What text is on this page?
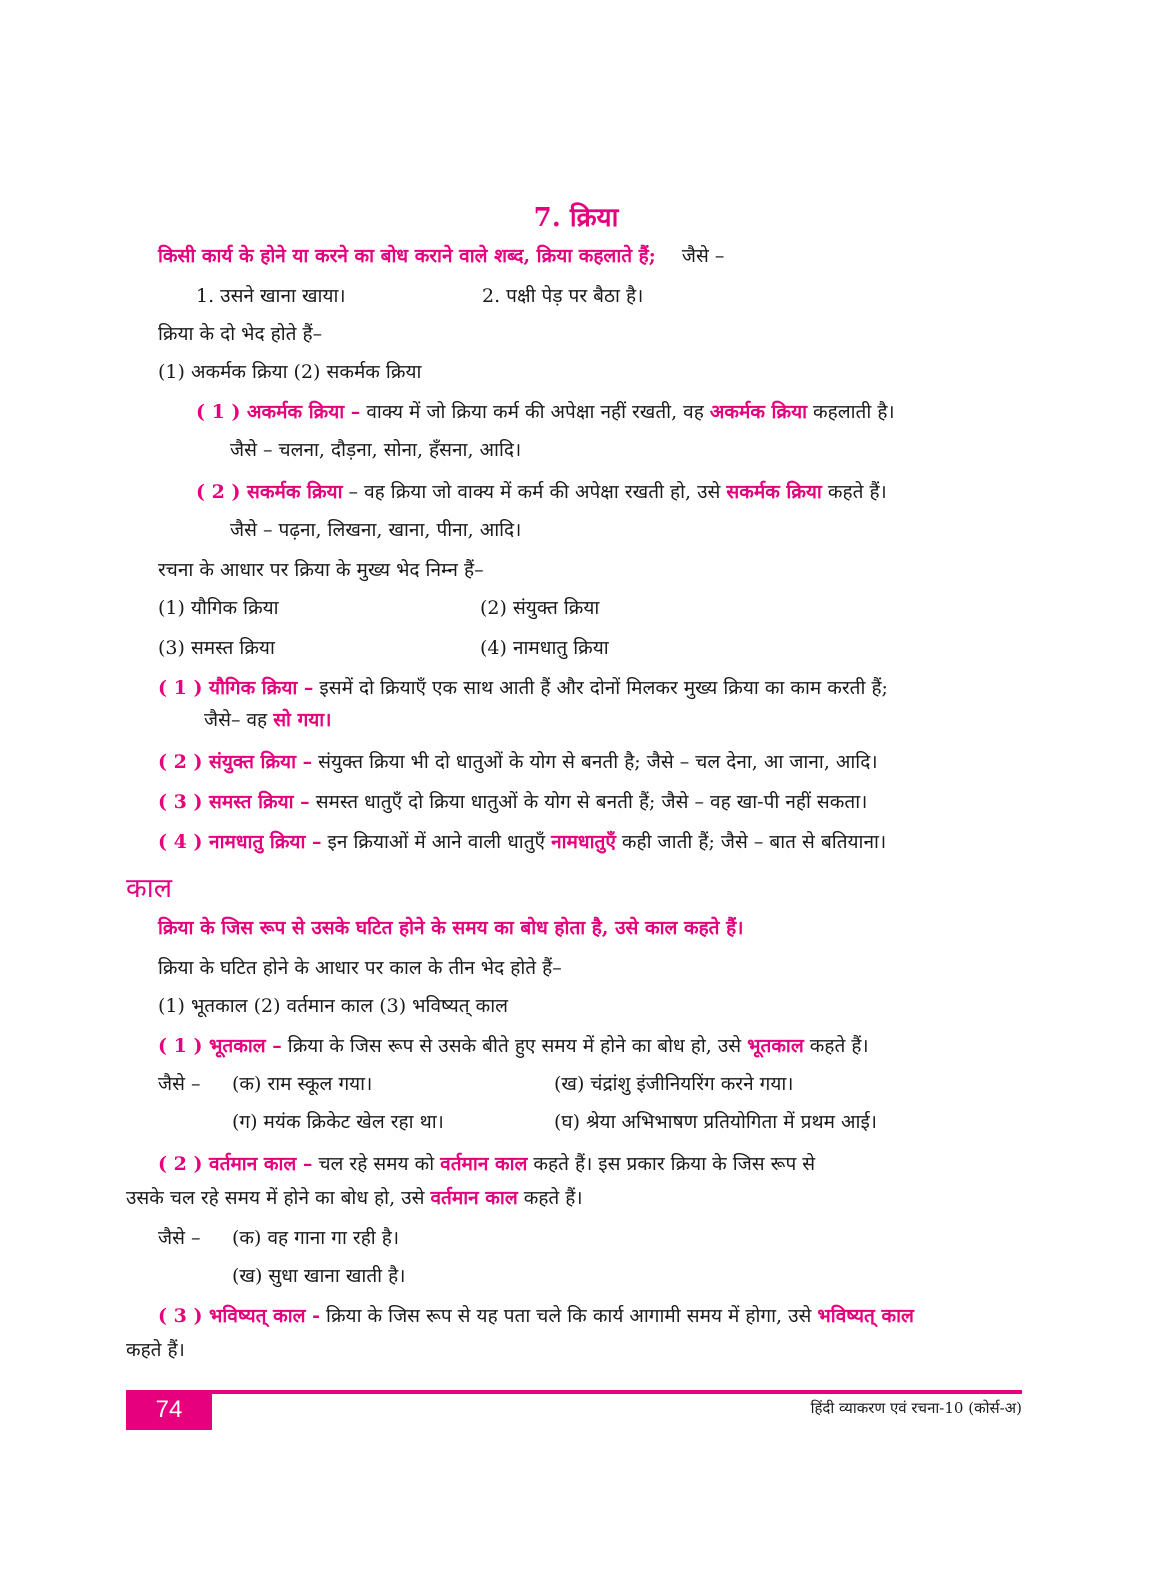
7. क्रिया
किसी कार्य के होने या करने का बोध कराने वाले शब्द, क्रिया कहलाते हैं; जैसे –
1. उसने खाना खाया।	2. पक्षी पेड़ पर बैठा है।
क्रिया के दो भेद होते हैं–
(1) अकर्मक क्रिया (2) सकर्मक क्रिया
( 1 ) अकर्मक क्रिया – वाक्य में जो क्रिया कर्म की अपेक्षा नहीं रखती, वह अकर्मक क्रिया कहलाती है।
जैसे – चलना, दौड़ना, सोना, हँसना, आदि।
( 2 ) सकर्मक क्रिया – वह क्रिया जो वाक्य में कर्म की अपेक्षा रखती हो, उसे सकर्मक क्रिया कहते हैं।
जैसे – पढ़ना, लिखना, खाना, पीना, आदि।
रचना के आधार पर क्रिया के मुख्य भेद निम्न हैं–
(1) यौगिक क्रिया	(2) संयुक्त क्रिया
(3) समस्त क्रिया	(4) नामधातु क्रिया
( 1 ) यौगिक क्रिया – इसमें दो क्रियाएँ एक साथ आती हैं और दोनों मिलकर मुख्य क्रिया का काम करती हैं;
जैसे– वह सो गया।
( 2 ) संयुक्त क्रिया – संयुक्त क्रिया भी दो धातुओं के योग से बनती है; जैसे – चल देना, आ जाना, आदि।
( 3 ) समस्त क्रिया – समस्त धातुएँ दो क्रिया धातुओं के योग से बनती हैं; जैसे – वह खा-पी नहीं सकता।
( 4 ) नामधातु क्रिया – इन क्रियाओं में आने वाली धातुएँ नामधातुएँ कही जाती हैं; जैसे – बात से बतियाना।
काल
क्रिया के जिस रूप से उसके घटित होने के समय का बोध होता है, उसे काल कहते हैं।
क्रिया के घटित होने के आधार पर काल के तीन भेद होते हैं–
(1) भूतकाल (2) वर्तमान काल (3) भविष्यत् काल
( 1 ) भूतकाल – क्रिया के जिस रूप से उसके बीते हुए समय में होने का बोध हो, उसे भूतकाल कहते हैं।
जैसे – (क) राम स्कूल गया।	(ख) चंद्रांशु इंजीनियरिंग करने गया।
(ग) मयंक क्रिकेट खेल रहा था।	(घ) श्रेया अभिभाषण प्रतियोगिता में प्रथम आई।
( 2 ) वर्तमान काल – चल रहे समय को वर्तमान काल कहते हैं। इस प्रकार क्रिया के जिस रूप से
उसके चल रहे समय में होने का बोध हो, उसे वर्तमान काल कहते हैं।
जैसे – (क) वह गाना गा रही है।
(ख) सुधा खाना खाती है।
( 3 ) भविष्यत् काल - क्रिया के जिस रूप से यह पता चले कि कार्य आगामी समय में होगा, उसे भविष्यत् काल
कहते हैं।
74	हिंदी व्याकरण एवं रचना-10 (कोर्स-अ)
